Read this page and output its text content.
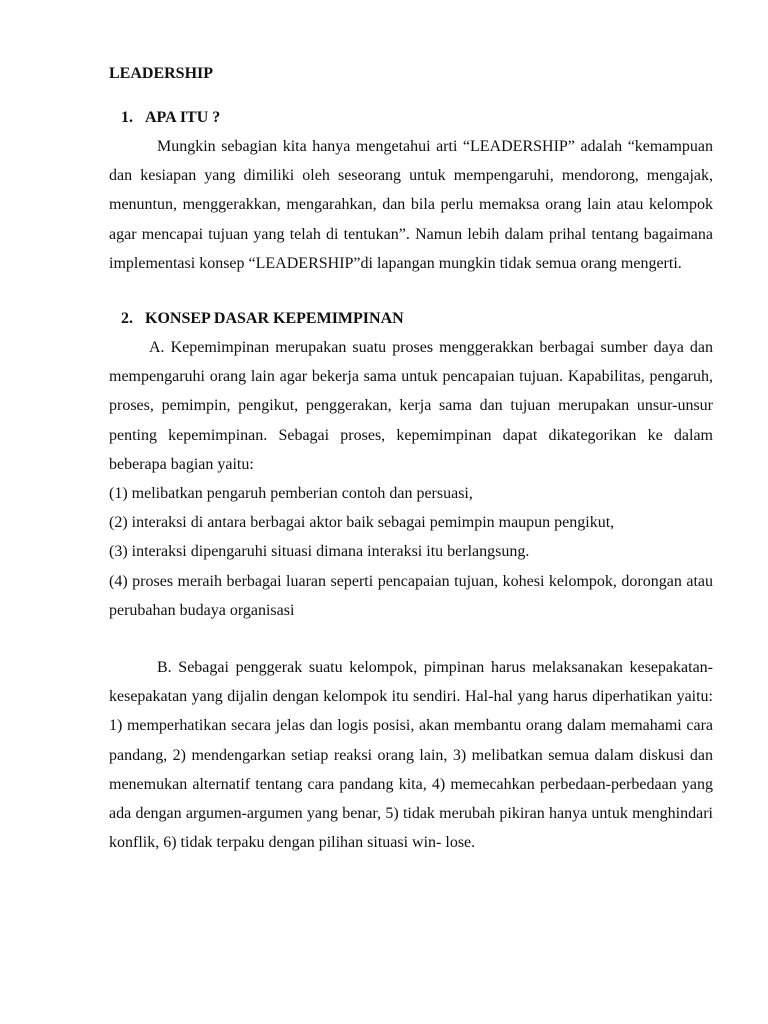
LEADERSHIP
1. APA ITU ?

Mungkin sebagian kita hanya mengetahui arti “LEADERSHIP” adalah “kemampuan dan kesiapan yang dimiliki oleh seseorang untuk mempengaruhi, mendorong, mengajak, menuntun, menggerakkan, mengarahkan, dan bila perlu memaksa orang lain atau kelompok agar mencapai tujuan yang telah di tentukan”. Namun lebih dalam prihal tentang bagaimana implementasi konsep “LEADERSHIP”di lapangan mungkin tidak semua orang mengerti.

2. KONSEP DASAR KEPEMIMPINAN

A. Kepemimpinan merupakan suatu proses menggerakkan berbagai sumber daya dan mempengaruhi orang lain agar bekerja sama untuk pencapaian tujuan. Kapabilitas, pengaruh, proses, pemimpin, pengikut, penggerakan, kerja sama dan tujuan merupakan unsur-unsur penting kepemimpinan. Sebagai proses, kepemimpinan dapat dikategorikan ke dalam beberapa bagian yaitu:

(1) melibatkan pengaruh pemberian contoh dan persuasi,

(2) interaksi di antara berbagai aktor baik sebagai pemimpin maupun pengikut,

(3) interaksi dipengaruhi situasi dimana interaksi itu berlangsung.

(4) proses meraih berbagai luaran seperti pencapaian tujuan, kohesi kelompok, dorongan atau perubahan budaya organisasi

B. Sebagai penggerak suatu kelompok, pimpinan harus melaksanakan kesepakatan-kesepakatan yang dijalin dengan kelompok itu sendiri. Hal-hal yang harus diperhatikan yaitu: 1) memperhatikan secara jelas dan logis posisi, akan membantu orang dalam memahami cara pandang, 2) mendengarkan setiap reaksi orang lain, 3) melibatkan semua dalam diskusi dan menemukan alternatif tentang cara pandang kita, 4) memecahkan perbedaan-perbedaan yang ada dengan argumen-argumen yang benar, 5) tidak merubah pikiran hanya untuk menghindari konflik, 6) tidak terpaku dengan pilihan situasi win- lose.
